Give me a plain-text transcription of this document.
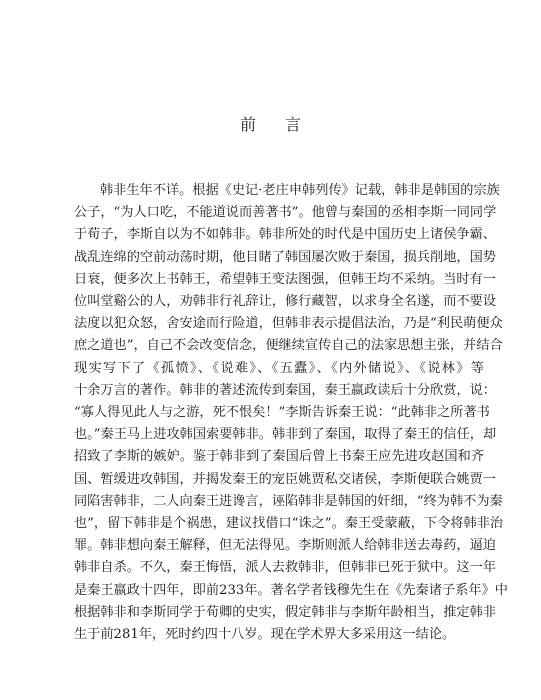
前 言
韩非生年不详。根据《史记·老庄申韩列传》记载，韩非是韩国的宗族
公子，“为人口吃，不能道说而善著书”。他曾与秦国的丞相李斯一同同学
于荀子，李斯自以为不如韩非。韩非所处的时代是中国历史上诸侯争霸、
战乱连绵的空前动荡时期，他目睹了韩国屡次败于秦国，损兵削地，国势
日衰，便多次上书韩王，希望韩王变法图强，但韩王均不采纳。当时有一
位叫堂谿公的人，劝韩非行礼辞让，修行藏智，以求身全名遂，而不要设
法度以犯众怒，舍安途而行险道，但韩非表示提倡法治，乃是“利民萌便众
庶之道也”，自己不会改变信念，便继续宣传自己的法家思想主张，并结合
现实写下了《孤愤》、《说难》、《五蠹》、《内外储说》、《说林》等
十余万言的著作。韩非的著述流传到秦国，秦王嬴政读后十分欣赏，说：
“寡人得见此人与之游，死不恨矣！”李斯告诉秦王说：“此韩非之所著书
也。”秦王马上进攻韩国索要韩非。韩非到了秦国，取得了秦王的信任，却
招致了李斯的嫉妒。鉴于韩非到了秦国后曾上书秦王应先进攻赵国和齐
国、暂缓进攻韩国，并揭发秦王的宠臣姚贾私交诸侯，李斯便联合姚贾一
同陷害韩非，二人向秦王进谗言，诬陷韩非是韩国的奸细，“终为韩不为秦
也”，留下韩非是个祸患，建议找借口“诛之”。秦王受蒙蔽，下令将韩非治
罪。韩非想向秦王解释，但无法得见。李斯则派人给韩非送去毒药，逼迫
韩非自杀。不久，秦王悔悟，派人去救韩非，但韩非已死于狱中。这一年
是秦王嬴政十四年，即前233年。著名学者钱穆先生在《先秦诸子系年》中
根据韩非和李斯同学于荀卿的史实，假定韩非与李斯年龄相当，推定韩非
生于前281年，死时约四十八岁。现在学术界大多采用这一结论。
